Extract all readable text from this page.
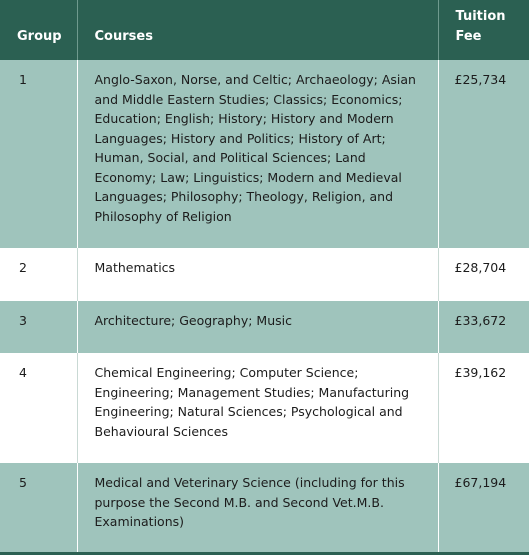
Group	Courses	Tuition
Fee
1	Anglo-Saxon, Norse, and Celtic; Archaeology; Asian and Middle Eastern Studies; Classics; Economics; Education; English; History; History and Modern Languages; History and Politics; History of Art; Human, Social, and Political Sciences; Land Economy; Law; Linguistics; Modern and Medieval Languages; Philosophy; Theology, Religion, and Philosophy of Religion	£25,734
2	Mathematics	£28,704
3	Architecture; Geography; Music	£33,672
4	Chemical Engineering; Computer Science; Engineering; Management Studies; Manufacturing Engineering; Natural Sciences; Psychological and Behavioural Sciences	£39,162
5	Medical and Veterinary Science (including for this purpose the Second M.B. and Second Vet.M.B. Examinations)	£67,194
